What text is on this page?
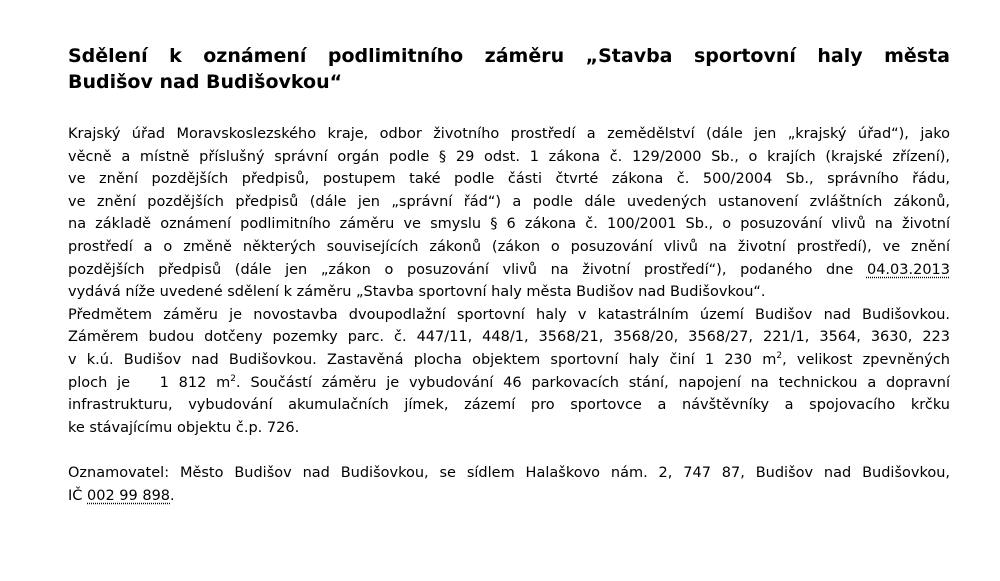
Sdělení k oznámení podlimitního záměru „Stavba sportovní haly města
Budišov nad Budišovkou“
Krajský úřad Moravskoslezského kraje, odbor životního prostředí a zemědělství (dále jen „krajský úřad“), jako
věcně a místně příslušný správní orgán podle § 29 odst. 1 zákona č. 129/2000 Sb., o krajích (krajské zřízení),
ve znění pozdějších předpisů, postupem také podle části čtvrté zákona č. 500/2004 Sb., správního řádu,
ve znění pozdějších předpisů (dále jen „správní řád“) a podle dále uvedených ustanovení zvláštních zákonů,
na základě oznámení podlimitního záměru ve smyslu § 6 zákona č. 100/2001 Sb., o posuzování vlivů na životní
prostředí a o změně některých souvisejících zákonů (zákon o posuzování vlivů na životní prostředí), ve znění
pozdějších předpisů (dále jen „zákon o posuzování vlivů na životní prostředí“), podaného dne 04.03.2013
vydává níže uvedené sdělení k záměru „Stavba sportovní haly města Budišov nad Budišovkou“.
Předmětem záměru je novostavba dvoupodlažní sportovní haly v katastrálním území Budišov nad Budišovkou.
Záměrem budou dotčeny pozemky parc. č. 447/11, 448/1, 3568/21, 3568/20, 3568/27, 221/1, 3564, 3630, 223
v k.ú. Budišov nad Budišovkou. Zastavěná plocha objektem sportovní haly činí 1 230 $m^2$, velikost zpevněných
ploch je   1 812 $m^2$. Součástí záměru je vybudování 46 parkovacích stání, napojení na technickou a dopravní
infrastrukturu, vybudování akumulačních jímek, zázemí pro sportovce a návštěvníky a spojovacího krčku
ke stávajícímu objektu č.p. 726.
Oznamovatel: Město Budišov nad Budišovkou, se sídlem Halaškovo nám. 2, 747 87, Budišov nad Budišovkou,
IČ 002 99 898.
